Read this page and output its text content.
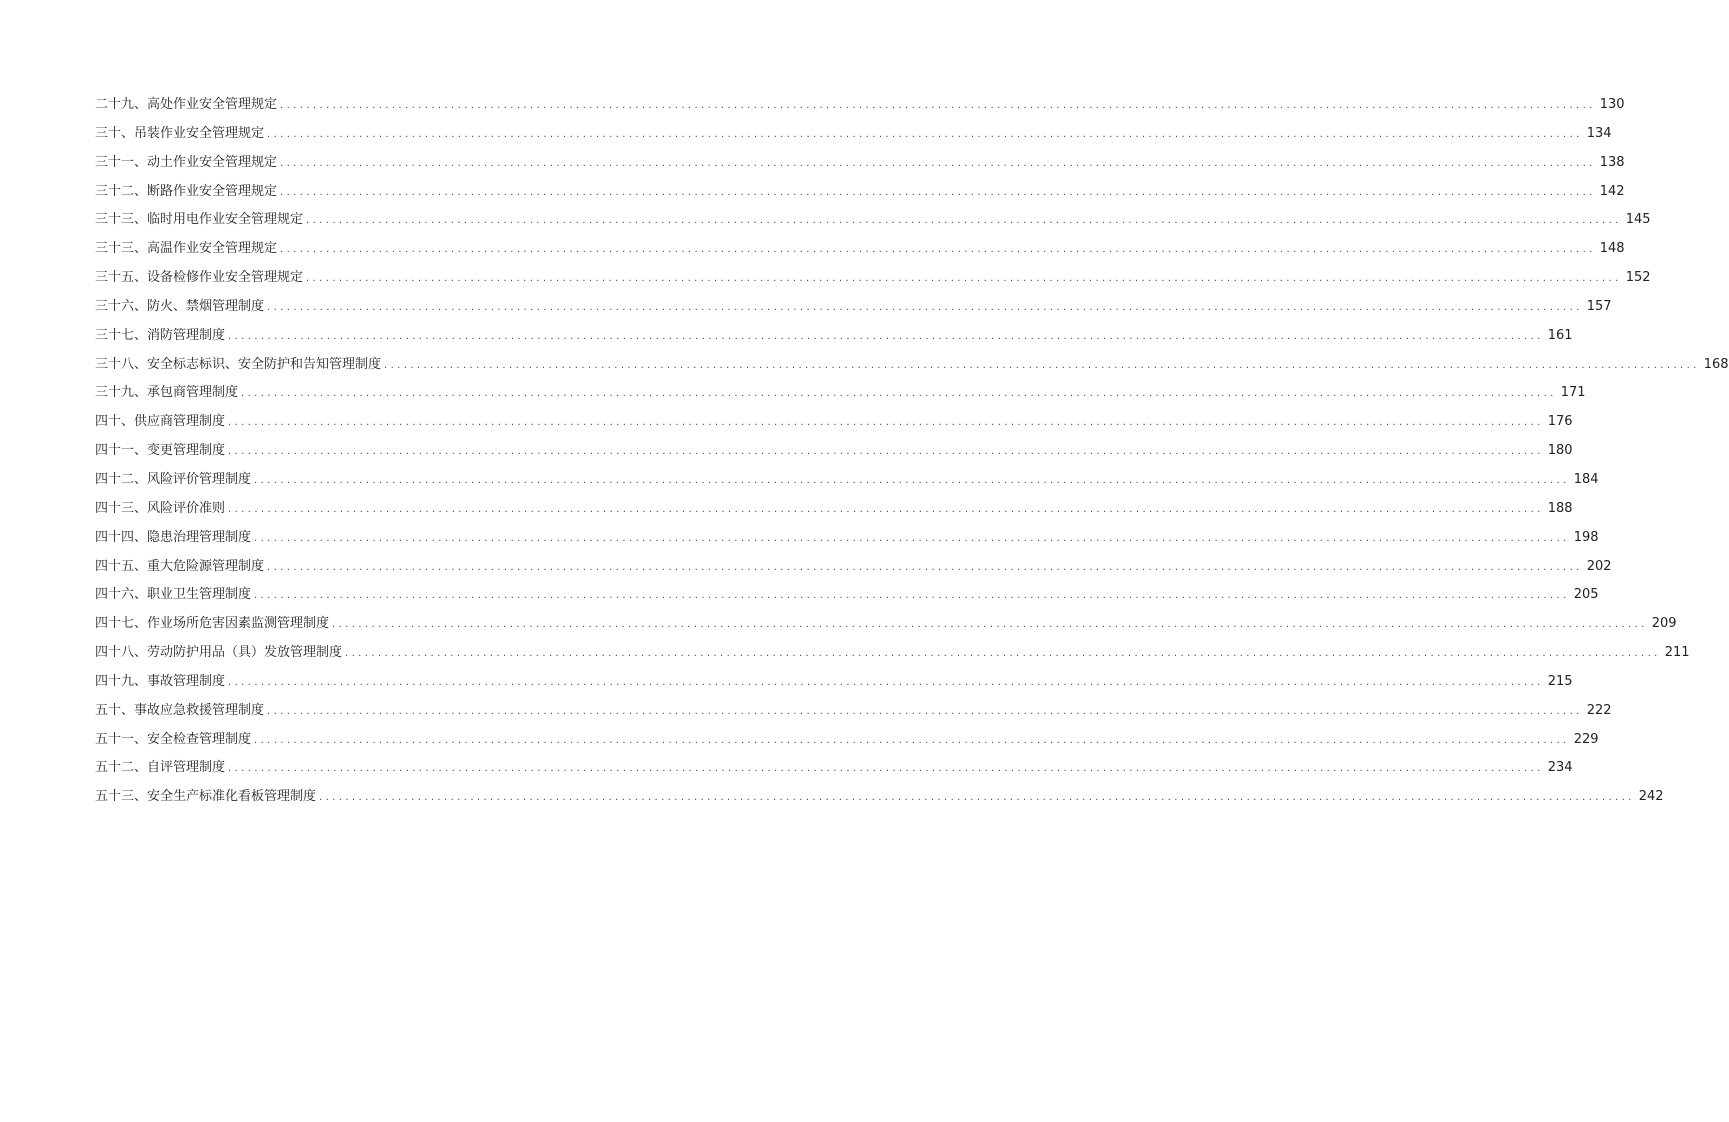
二十九、高处作业安全管理规定 ........................................................................................................................................................................................................ 130
三十、吊装作业安全管理规定 ........................................................................................................................................................................................................ 134
三十一、动土作业安全管理规定 ........................................................................................................................................................................................................ 138
三十二、断路作业安全管理规定 ........................................................................................................................................................................................................ 142
三十三、临时用电作业安全管理规定 ........................................................................................................................................................................................................ 145
三十三、高温作业安全管理规定 ........................................................................................................................................................................................................ 148
三十五、设备检修作业安全管理规定 ........................................................................................................................................................................................................ 152
三十六、防火、禁烟管理制度 ........................................................................................................................................................................................................ 157
三十七、消防管理制度 ........................................................................................................................................................................................................ 161
三十八、安全标志标识、安全防护和告知管理制度 ........................................................................................................................................................................................................ 168
三十九、承包商管理制度 ........................................................................................................................................................................................................ 171
四十、供应商管理制度 ........................................................................................................................................................................................................ 176
四十一、变更管理制度 ........................................................................................................................................................................................................ 180
四十二、风险评价管理制度 ........................................................................................................................................................................................................ 184
四十三、风险评价准则 ........................................................................................................................................................................................................ 188
四十四、隐患治理管理制度 ........................................................................................................................................................................................................ 198
四十五、重大危险源管理制度 ........................................................................................................................................................................................................ 202
四十六、职业卫生管理制度 ........................................................................................................................................................................................................ 205
四十七、作业场所危害因素监测管理制度 ........................................................................................................................................................................................................ 209
四十八、劳动防护用品（具）发放管理制度 ........................................................................................................................................................................................................ 211
四十九、事故管理制度 ........................................................................................................................................................................................................ 215
五十、事故应急救援管理制度 ........................................................................................................................................................................................................ 222
五十一、安全检查管理制度 ........................................................................................................................................................................................................ 229
五十二、自评管理制度 ........................................................................................................................................................................................................ 234
五十三、安全生产标准化看板管理制度 ........................................................................................................................................................................................................ 242
